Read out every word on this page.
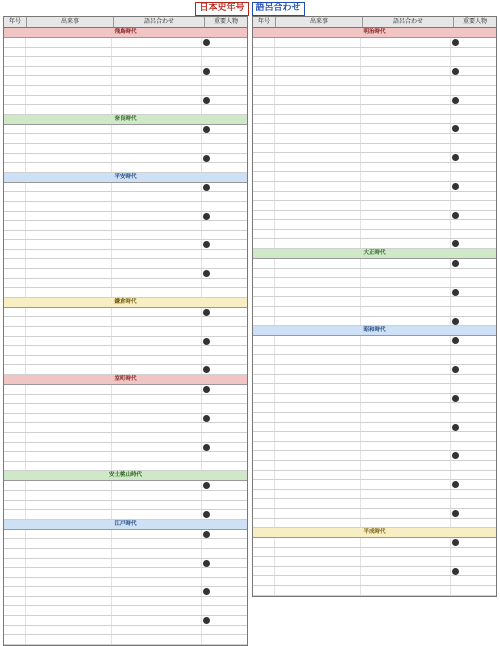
日本史年号	語呂合わせ
年号	出来事	語呂合わせ	重要人物
飛鳥時代
奈良時代
平安時代
鎌倉時代
室町時代
安土桃山時代
江戸時代
年号	出来事	語呂合わせ	重要人物
明治時代
大正時代
昭和時代
平成時代
